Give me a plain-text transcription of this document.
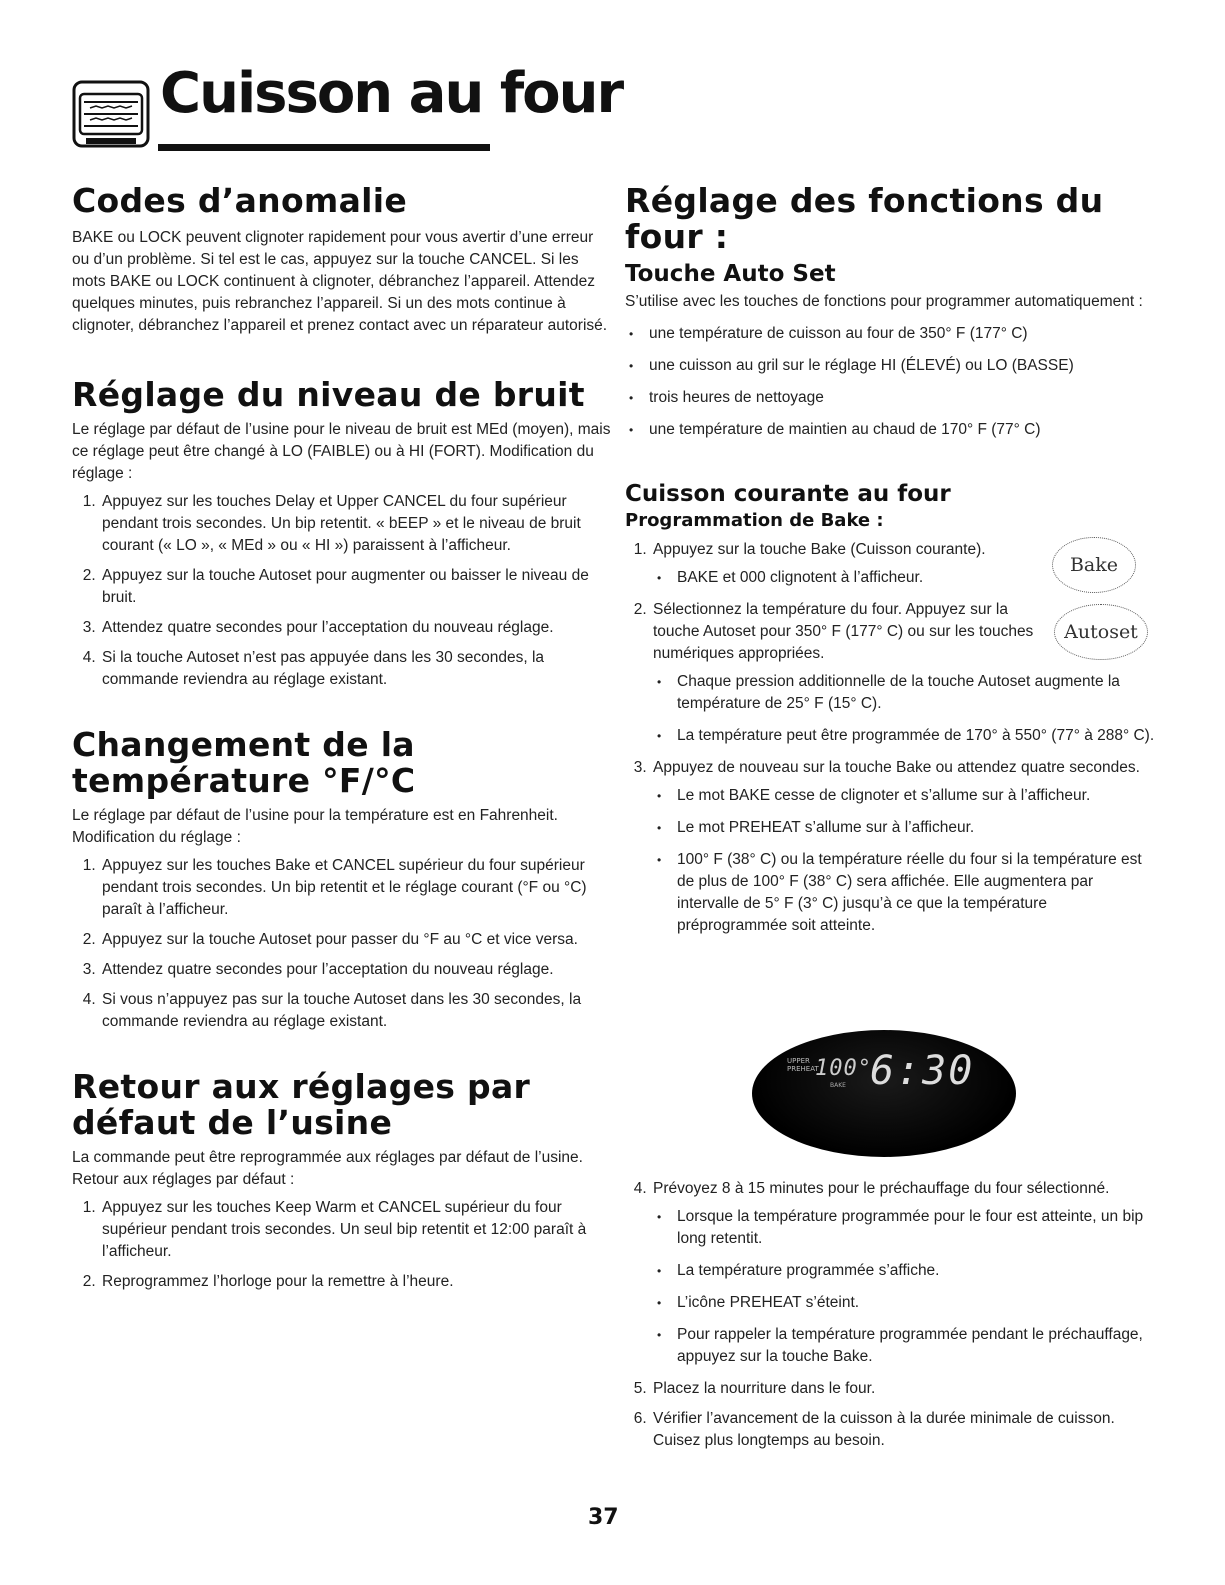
Cuisson au four
Codes d’anomalie

BAKE ou LOCK peuvent clignoter rapidement pour vous avertir d’une erreur ou d’un problème. Si tel est le cas, appuyez sur la touche CANCEL. Si les mots BAKE ou LOCK continuent à clignoter, débranchez l’appareil. Attendez quelques minutes, puis rebranchez l’appareil. Si un des mots continue à clignoter, débranchez l’appareil et prenez contact avec un réparateur autorisé.

Réglage du niveau de bruit

Le réglage par défaut de l’usine pour le niveau de bruit est MEd (moyen), mais ce réglage peut être changé à LO (FAIBLE) ou à HI (FORT). Modification du réglage :

1. Appuyez sur les touches Delay et Upper CANCEL du four supérieur pendant trois secondes. Un bip retentit. « bEEP » et le niveau de bruit courant (« LO », « MEd » ou « HI ») paraissent à l’afficheur.
2. Appuyez sur la touche Autoset pour augmenter ou baisser le niveau de bruit.
3. Attendez quatre secondes pour l’acceptation du nouveau réglage.
4. Si la touche Autoset n’est pas appuyée dans les 30 secondes, la commande reviendra au réglage existant.
Changement de la température °F/°C

Le réglage par défaut de l’usine pour la température est en Fahrenheit. Modification du réglage :

1. Appuyez sur les touches Bake et CANCEL supérieur du four supérieur pendant trois secondes. Un bip retentit et le réglage courant (°F ou °C) paraît à l’afficheur.
2. Appuyez sur la touche Autoset pour passer du °F au °C et vice versa.
3. Attendez quatre secondes pour l’acceptation du nouveau réglage.
4. Si vous n’appuyez pas sur la touche Autoset dans les 30 secondes, la commande reviendra au réglage existant.
Retour aux réglages par défaut de l’usine

La commande peut être reprogrammée aux réglages par défaut de l’usine. Retour aux réglages par défaut :

1. Appuyez sur les touches Keep Warm et CANCEL supérieur du four supérieur pendant trois secondes. Un seul bip retentit et 12:00 paraît à l’afficheur.
2. Reprogrammez l’horloge pour la remettre à l’heure.
Réglage des fonctions du four :
Touche Auto Set

S’utilise avec les touches de fonctions pour programmer automatiquement :

• une température de cuisson au four de 350° F (177° C)
• une cuisson au gril sur le réglage HI (ÉLEVÉ) ou LO (BASSE)
• trois heures de nettoyage
• une température de maintien au chaud de 170° F (77° C)
Cuisson courante au four
Programmation de Bake :
1. Appuyez sur la touche Bake (Cuisson courante).
• BAKE et 000 clignotent à l’afficheur.
2. Sélectionnez la température du four. Appuyez sur la touche Autoset pour 350° F (177° C) ou sur les touches numériques appropriées.
• Chaque pression additionnelle de la touche Autoset augmente la température de 25° F (15° C).
• La température peut être programmée de 170° à 550° (77° à 288° C).
3. Appuyez de nouveau sur la touche Bake ou attendez quatre secondes.
• Le mot BAKE cesse de clignoter et s’allume sur à l’afficheur.
• Le mot PREHEAT s’allume sur à l’afficheur.
• 100° F (38° C) ou la température réelle du four si la température est de plus de 100° F (38° C) sera affichée. Elle augmentera par intervalle de 5° F (3° C) jusqu’à ce que la température préprogrammée soit atteinte.
4. Prévoyez 8 à 15 minutes pour le préchauffage du four sélectionné.
• Lorsque la température programmée pour le four est atteinte, un bip long retentit.
• La température programmée s’affiche.
• L’icône PREHEAT s’éteint.
• Pour rappeler la température programmée pendant le préchauffage, appuyez sur la touche Bake.
5. Placez la nourriture dans le four.
6. Vérifier l’avancement de la cuisson à la durée minimale de cuisson. Cuisez plus longtemps au besoin.
Bake
Autoset
UPPER
PREHEAT
100°
BAKE 6:30
37
